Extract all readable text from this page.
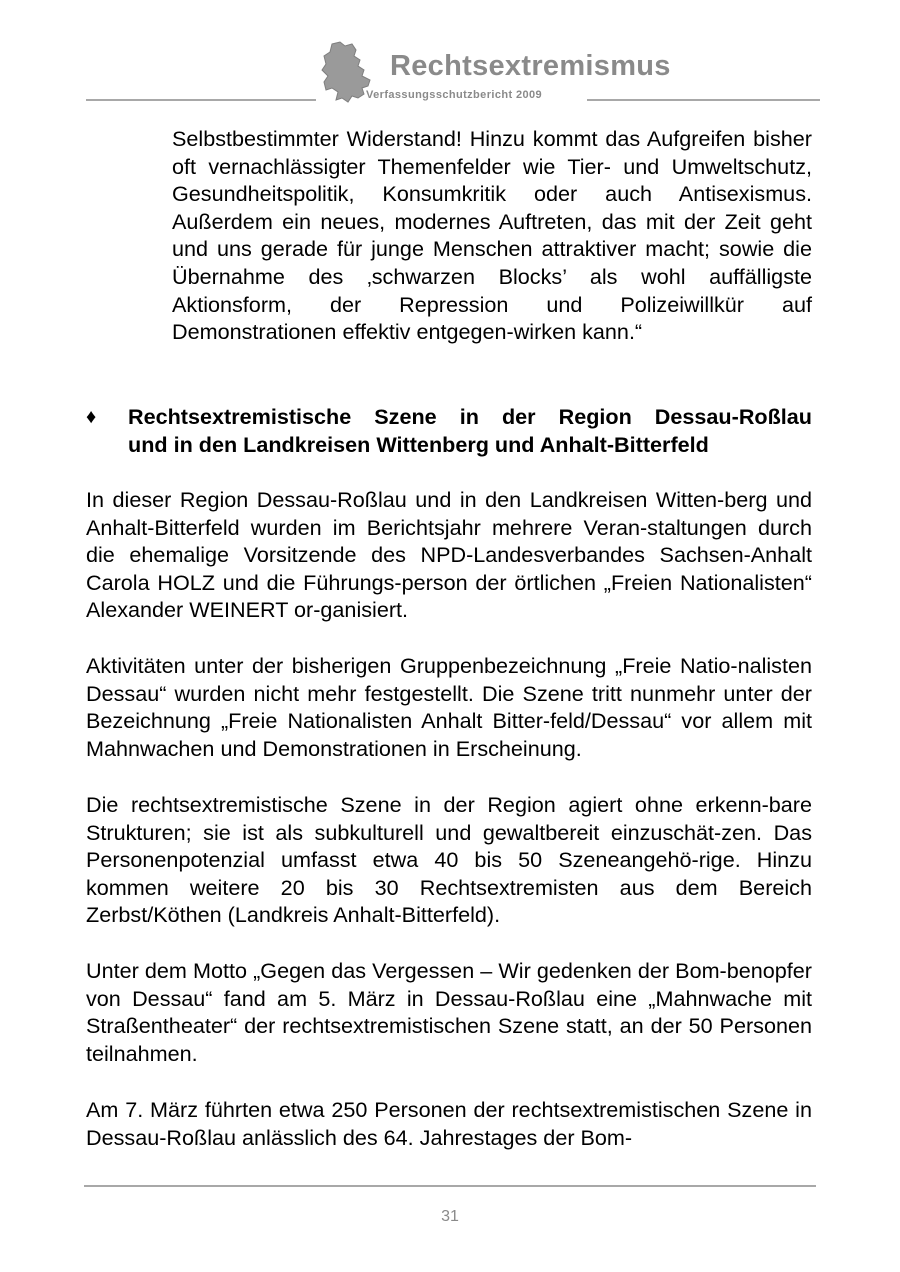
Rechtsextremismus
Verfassungsschutzbericht 2009
Selbstbestimmter Widerstand! Hinzu kommt das Aufgreifen bisher oft vernachlässigter Themenfelder wie Tier- und Umweltschutz, Gesundheitspolitik, Konsumkritik oder auch Antisexismus. Außerdem ein neues, modernes Auftreten, das mit der Zeit geht und uns gerade für junge Menschen attraktiver macht; sowie die Übernahme des ‚schwarzen Blocks’ als wohl auffälligste Aktionsform, der Repression und Polizeiwillkür auf Demonstrationen effektiv entgegen-wirken kann.“
♦ Rechtsextremistische Szene in der Region Dessau-Roßlau
und in den Landkreisen Wittenberg und Anhalt-Bitterfeld
In dieser Region Dessau-Roßlau und in den Landkreisen Witten-berg und Anhalt-Bitterfeld wurden im Berichtsjahr mehrere Veran-staltungen durch die ehemalige Vorsitzende des NPD-Landesverbandes Sachsen-Anhalt Carola HOLZ und die Führungs-person der örtlichen „Freien Nationalisten“ Alexander WEINERT or-ganisiert.
Aktivitäten unter der bisherigen Gruppenbezeichnung „Freie Natio-nalisten Dessau“ wurden nicht mehr festgestellt. Die Szene tritt nunmehr unter der Bezeichnung „Freie Nationalisten Anhalt Bitter-feld/Dessau“ vor allem mit Mahnwachen und Demonstrationen in Erscheinung.
Die rechtsextremistische Szene in der Region agiert ohne erkenn-bare Strukturen; sie ist als subkulturell und gewaltbereit einzuschät-zen. Das Personenpotenzial umfasst etwa 40 bis 50 Szeneangehö-rige. Hinzu kommen weitere 20 bis 30 Rechtsextremisten aus dem Bereich Zerbst/Köthen (Landkreis Anhalt-Bitterfeld).
Unter dem Motto „Gegen das Vergessen – Wir gedenken der Bom-benopfer von Dessau“ fand am 5. März in Dessau-Roßlau eine „Mahnwache mit Straßentheater“ der rechtsextremistischen Szene statt, an der 50 Personen teilnahmen.
Am 7. März führten etwa 250 Personen der rechtsextremistischen Szene in Dessau-Roßlau anlässlich des 64. Jahrestages der Bom-
31
